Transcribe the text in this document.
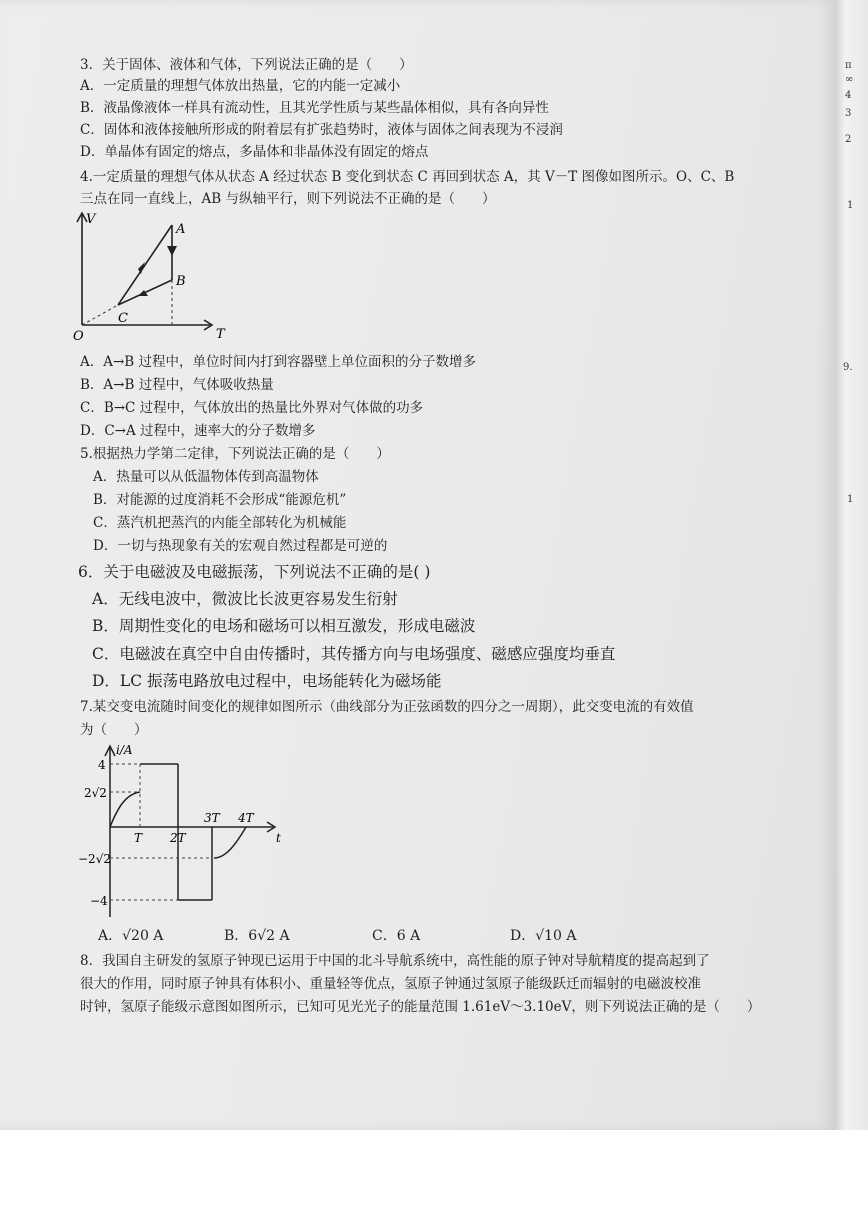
π
∞
4
3
2
1
9.
1
3．关于固体、液体和气体，下列说法正确的是（　　）
A．一定质量的理想气体放出热量，它的内能一定减小
B．液晶像液体一样具有流动性，且其光学性质与某些晶体相似，具有各向异性
C．固体和液体接触所形成的附着层有扩张趋势时，液体与固体之间表现为不浸润
D．单晶体有固定的熔点，多晶体和非晶体没有固定的熔点
4.一定质量的理想气体从状态 A 经过状态 B 变化到状态 C 再回到状态 A，其 V－T 图像如图所示。O、C、B
三点在同一直线上，AB 与纵轴平行，则下列说法不正确的是（　　）
V
T
O
A
B
C
A．A→B 过程中，单位时间内打到容器壁上单位面积的分子数增多
B．A→B 过程中，气体吸收热量
C．B→C 过程中，气体放出的热量比外界对气体做的功多
D．C→A 过程中，速率大的分子数增多
5.根据热力学第二定律，下列说法正确的是（　　）
A．热量可以从低温物体传到高温物体
B．对能源的过度消耗不会形成“能源危机”
C．蒸汽机把蒸汽的内能全部转化为机械能
D．一切与热现象有关的宏观自然过程都是可逆的
6．关于电磁波及电磁振荡，下列说法不正确的是( )
A．无线电波中，微波比长波更容易发生衍射
B．周期性变化的电场和磁场可以相互激发，形成电磁波
C．电磁波在真空中自由传播时，其传播方向与电场强度、磁感应强度均垂直
D．LC 振荡电路放电过程中，电场能转化为磁场能
7.某交变电流随时间变化的规律如图所示（曲线部分为正弦函数的四分之一周期），此交变电流的有效值
为（　　）
i/A
t
4
2√2
−2√2
−4
T 2T
3T 4T
A．√20 A	B．6√2 A	C．6 A	D．√10 A
8．我国自主研发的氢原子钟现已运用于中国的北斗导航系统中，高性能的原子钟对导航精度的提高起到了
很大的作用，同时原子钟具有体积小、重量轻等优点，氢原子钟通过氢原子能级跃迁而辐射的电磁波校准
时钟，氢原子能级示意图如图所示，已知可见光光子的能量范围 1.61eV～3.10eV，则下列说法正确的是（　　）
